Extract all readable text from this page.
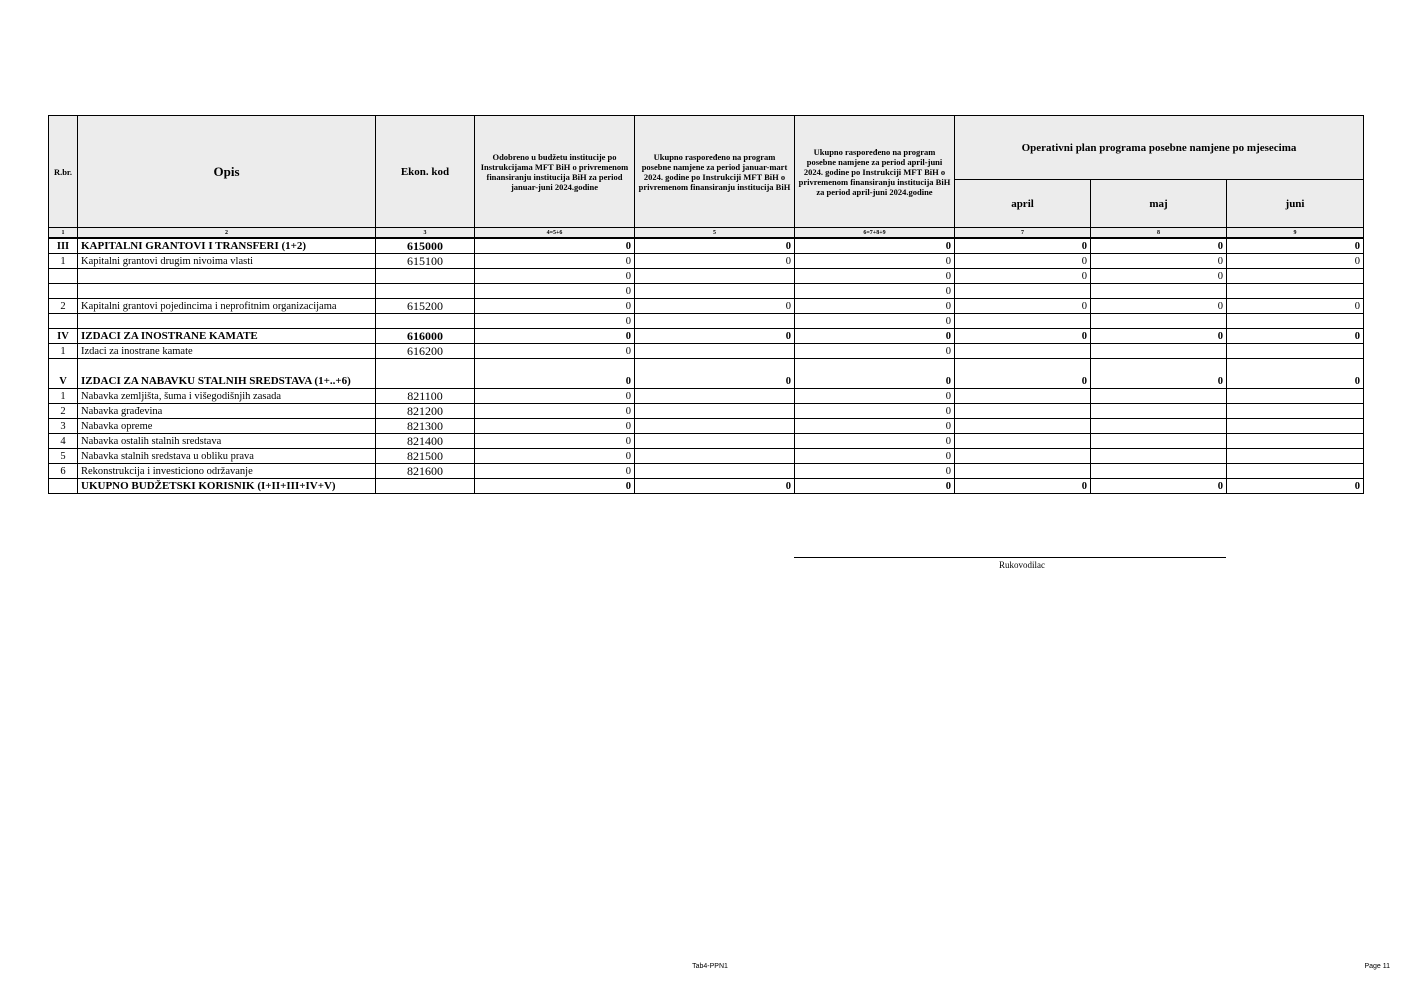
R.br.	Opis	Ekon. kod	Odobreno u budžetu institucije po Instrukcijama MFT BiH o privremenom finansiranju institucija BiH za period januar-juni 2024.godine	Ukupno raspoređeno na program posebne namjene za period januar-mart 2024. godine po Instrukciji MFT BiH o privremenom finansiranju institucija BiH	Ukupno raspoređeno na program posebne namjene za period april-juni 2024. godine po Instrukciji MFT BiH o privremenom finansiranju institucija BiH za period april-juni 2024.godine	Operativni plan programa posebne namjene po mjesecima		
						april	maj	juni
1	2	3	4=5+6	5	6=7+8+9	7	8	9
III	KAPITALNI GRANTOVI I TRANSFERI (1+2)	615000	0	0	0	0	0	0
1	Kapitalni grantovi drugim nivoima vlasti	615100	0	0	0	0	0	0
			0		0	0	0	
			0		0			
2	Kapitalni grantovi pojedincima i neprofitnim organizacijama	615200	0	0	0	0	0	0
			0		0			
IV	IZDACI ZA INOSTRANE KAMATE	616000	0	0	0	0	0	0
1	Izdaci za inostrane kamate	616200	0		0			
V	IZDACI ZA NABAVKU STALNIH SREDSTAVA (1+..+6)		0	0	0	0	0	0
1	Nabavka zemljišta, šuma i višegodišnjih zasada	821100	0		0			
2	Nabavka građevina	821200	0		0			
3	Nabavka opreme	821300	0		0			
4	Nabavka ostalih stalnih sredstava	821400	0		0			
5	Nabavka stalnih sredstava u obliku prava	821500	0		0			
6	Rekonstrukcija i investiciono održavanje	821600	0		0			
	UKUPNO BUDŽETSKI KORISNIK (I+II+III+IV+V)		0	0	0	0	0	0
Rukovodilac
Tab4-PPN1	Page 11
